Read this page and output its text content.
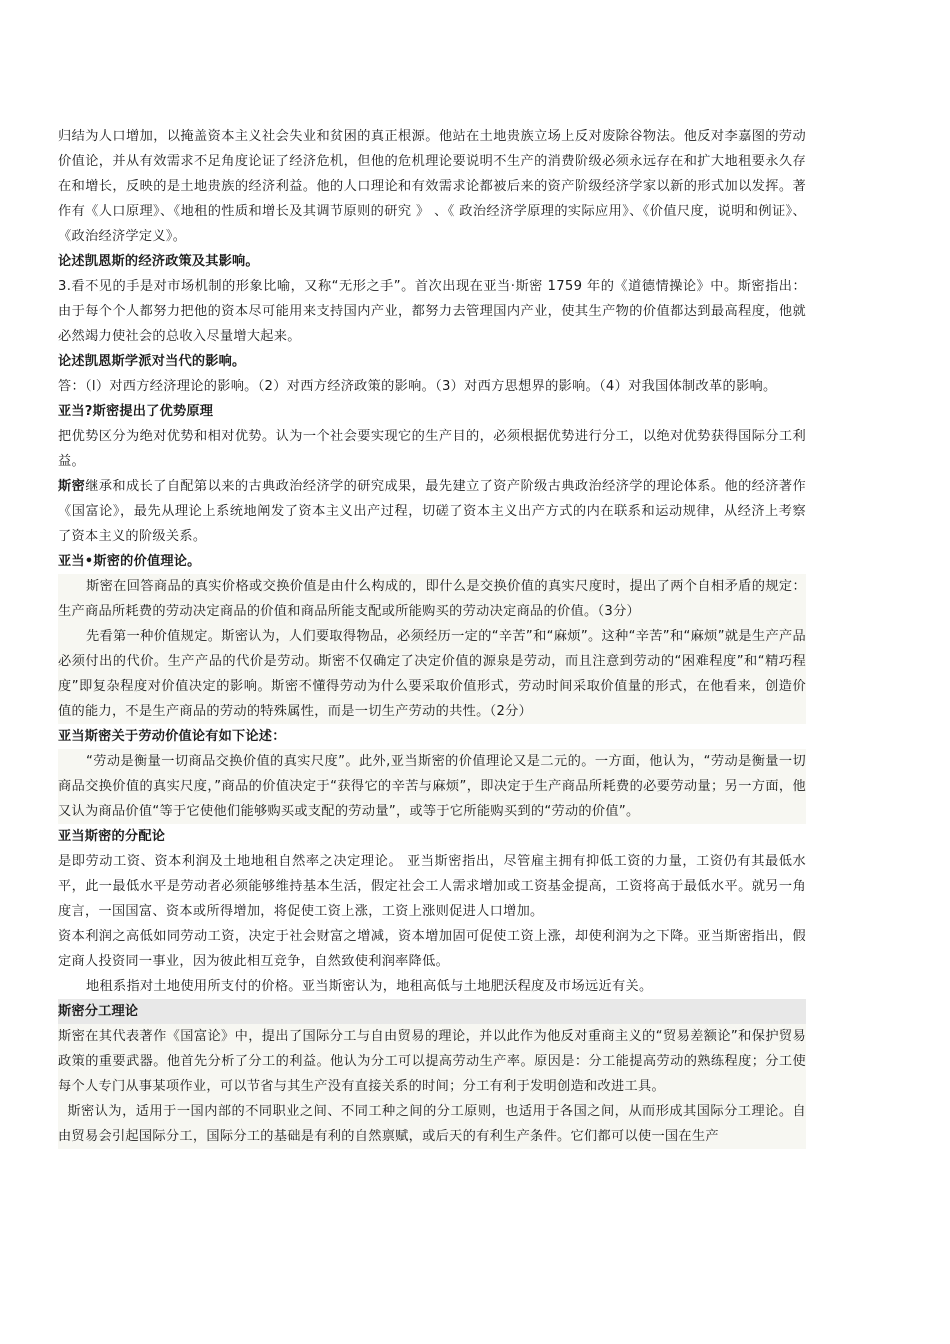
归结为人口增加，以掩盖资本主义社会失业和贫困的真正根源。他站在土地贵族立场上反对废除谷物法。他反对李嘉图的劳动价值论，并从有效需求不足角度论证了经济危机，但他的危机理论要说明不生产的消费阶级必须永远存在和扩大地租要永久存在和增长，反映的是土地贵族的经济利益。他的人口理论和有效需求论都被后来的资产阶级经济学家以新的形式加以发挥。著作有《人口原理》、《地租的性质和增长及其调节原则的研究 》 、《 政治经济学原理的实际应用》、《价值尺度，说明和例证》、《政治经济学定义》。

论述凯恩斯的经济政策及其影响。

3.看不见的手是对市场机制的形象比喻，又称“无形之手”。首次出现在亚当·斯密 1759 年的《道德情操论》中。斯密指出：由于每个个人都努力把他的资本尽可能用来支持国内产业，都努力去管理国内产业，使其生产物的价值都达到最高程度，他就必然竭力使社会的总收入尽量增大起来。

论述凯恩斯学派对当代的影响。

答：（l）对西方经济理论的影响。（2）对西方经济政策的影响。（3）对西方思想界的影响。（4）对我国体制改革的影响。

亚当?斯密提出了优势原理

把优势区分为绝对优势和相对优势。认为一个社会要实现它的生产目的，必须根据优势进行分工，以绝对优势获得国际分工利益。

斯密继承和成长了自配第以来的古典政治经济学的研究成果，最先建立了资产阶级古典政治经济学的理论体系。他的经济著作《国富论》，最先从理论上系统地阐发了资本主义出产过程，切磋了资本主义出产方式的内在联系和运动规律，从经济上考察了资本主义的阶级关系。

亚当•斯密的价值理论。

斯密在回答商品的真实价格或交换价值是由什么构成的，即什么是交换价值的真实尺度时，提出了两个自相矛盾的规定：生产商品所耗费的劳动决定商品的价值和商品所能支配或所能购买的劳动决定商品的价值。（3分）

先看第一种价值规定。斯密认为，人们要取得物品，必须经历一定的“辛苦”和“麻烦”。这种“辛苦”和“麻烦”就是生产产品必须付出的代价。生产产品的代价是劳动。斯密不仅确定了决定价值的源泉是劳动，而且注意到劳动的“困难程度”和“精巧程度”即复杂程度对价值决定的影响。斯密不懂得劳动为什么要采取价值形式，劳动时间采取价值量的形式，在他看来，创造价值的能力，不是生产商品的劳动的特殊属性，而是一切生产劳动的共性。（2分）

亚当斯密关于劳动价值论有如下论述：

“劳动是衡量一切商品交换价值的真实尺度”。此外,亚当斯密的价值理论又是二元的。一方面，他认为，“劳动是衡量一切商品交换价值的真实尺度，”商品的价值决定于“获得它的辛苦与麻烦”，即决定于生产商品所耗费的必要劳动量；另一方面，他又认为商品价值“等于它使他们能够购买或支配的劳动量”，或等于它所能购买到的“劳动的价值”。

亚当斯密的分配论

是即劳动工资、资本利润及土地地租自然率之决定理论。 亚当斯密指出，尽管雇主拥有抑低工资的力量，工资仍有其最低水平，此一最低水平是劳动者必须能够维持基本生活，假定社会工人需求增加或工资基金提高，工资将高于最低水平。就另一角度言，一国国富、资本或所得增加，将促使工资上涨，工资上涨则促进人口增加。

资本利润之高低如同劳动工资，决定于社会财富之增减，资本增加固可促使工资上涨，却使利润为之下降。亚当斯密指出，假定商人投资同一事业，因为彼此相互竞争，自然致使利润率降低。

地租系指对土地使用所支付的价格。亚当斯密认为，地租高低与土地肥沃程度及市场远近有关。

斯密分工理论

斯密在其代表著作《国富论》中，提出了国际分工与自由贸易的理论，并以此作为他反对重商主义的“贸易差额论”和保护贸易政策的重要武器。他首先分析了分工的利益。他认为分工可以提高劳动生产率。原因是：分工能提高劳动的熟练程度；分工使每个人专门从事某项作业，可以节省与其生产没有直接关系的时间；分工有利于发明创造和改进工具。

斯密认为，适用于一国内部的不同职业之间、不同工种之间的分工原则，也适用于各国之间，从而形成其国际分工理论。自由贸易会引起国际分工，国际分工的基础是有利的自然禀赋，或后天的有利生产条件。它们都可以使一国在生产
